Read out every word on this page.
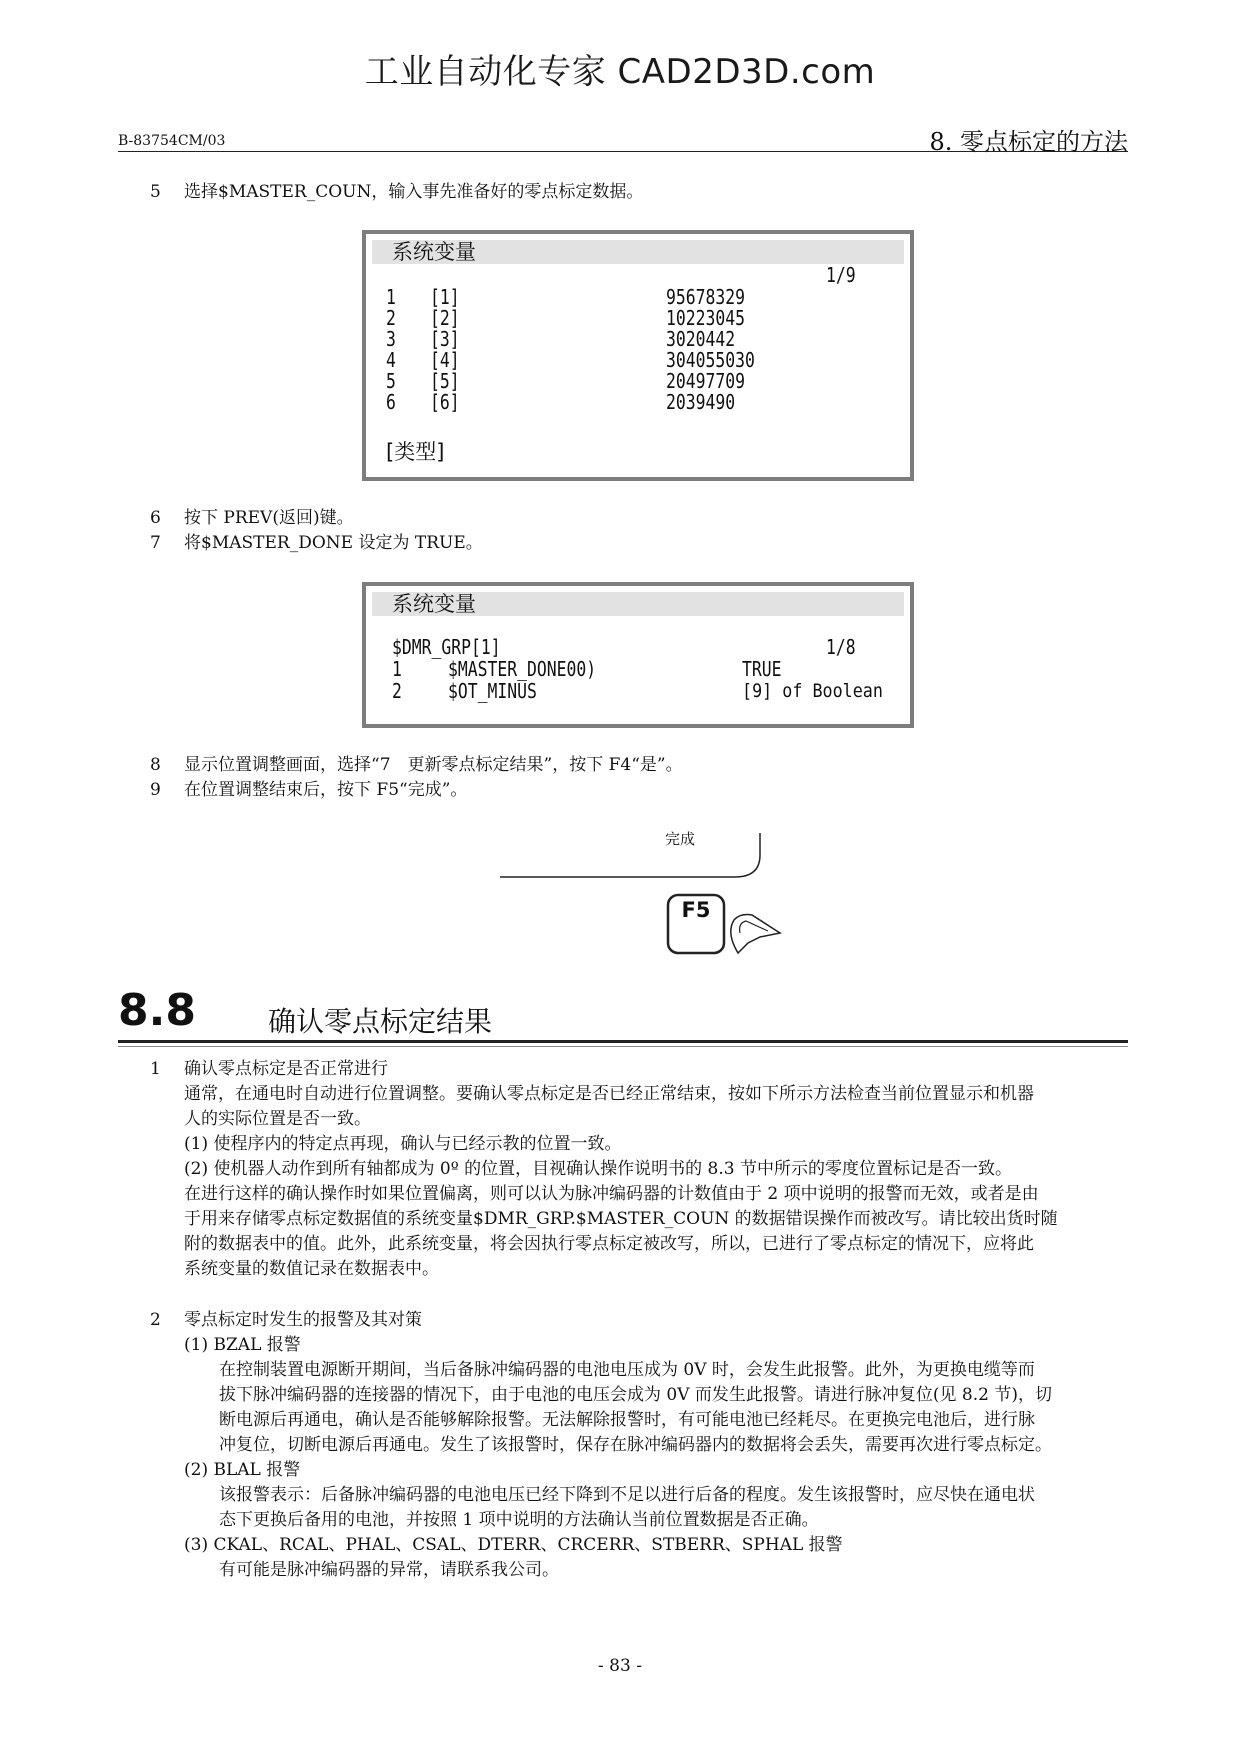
工业自动化专家 CAD2D3D.com
B-83754CM/03	8. 零点标定的方法
5 选择$MASTER_COUN，输入事先准备好的零点标定数据。
系统变量
1/9
1 [1]	95678329
2 [2]	10223045
3 [3]	3020442
4 [4]	304055030
5 [5]	20497709
6 [6]	2039490
[类型]
6 按下 PREV(返回)键。
7 将$MASTER_DONE 设定为 TRUE。
系统变量
$DMR_GRP[1]	1/8
1 $MASTER_DONE00)	TRUE
2 $OT_MINUS	[9] of Boolean
8 显示位置调整画面，选择“7　更新零点标定结果”，按下 F4“是”。
9 在位置调整结束后，按下 F5“完成”。
完成
F5
8.8	确认零点标定结果
1 确认零点标定是否正常进行
通常，在通电时自动进行位置调整。要确认零点标定是否已经正常结束，按如下所示方法检查当前位置显示和机器
人的实际位置是否一致。
(1) 使程序内的特定点再现，确认与已经示教的位置一致。
(2) 使机器人动作到所有轴都成为 0º 的位置，目视确认操作说明书的 8.3 节中所示的零度位置标记是否一致。
在进行这样的确认操作时如果位置偏离，则可以认为脉冲编码器的计数值由于 2 项中说明的报警而无效，或者是由
于用来存储零点标定数据值的系统变量$DMR_GRP.$MASTER_COUN 的数据错误操作而被改写。请比较出货时随
附的数据表中的值。此外，此系统变量，将会因执行零点标定被改写，所以，已进行了零点标定的情况下，应将此
系统变量的数值记录在数据表中。
2 零点标定时发生的报警及其对策
(1) BZAL 报警
在控制装置电源断开期间，当后备脉冲编码器的电池电压成为 0V 时，会发生此报警。此外，为更换电缆等而
拔下脉冲编码器的连接器的情况下，由于电池的电压会成为 0V 而发生此报警。请进行脉冲复位(见 8.2 节)，切
断电源后再通电，确认是否能够解除报警。无法解除报警时，有可能电池已经耗尽。在更换完电池后，进行脉
冲复位，切断电源后再通电。发生了该报警时，保存在脉冲编码器内的数据将会丢失，需要再次进行零点标定。
(2) BLAL 报警
该报警表示：后备脉冲编码器的电池电压已经下降到不足以进行后备的程度。发生该报警时，应尽快在通电状
态下更换后备用的电池，并按照 1 项中说明的方法确认当前位置数据是否正确。
(3) CKAL、RCAL、PHAL、CSAL、DTERR、CRCERR、STBERR、SPHAL 报警
有可能是脉冲编码器的异常，请联系我公司。
- 83 -
